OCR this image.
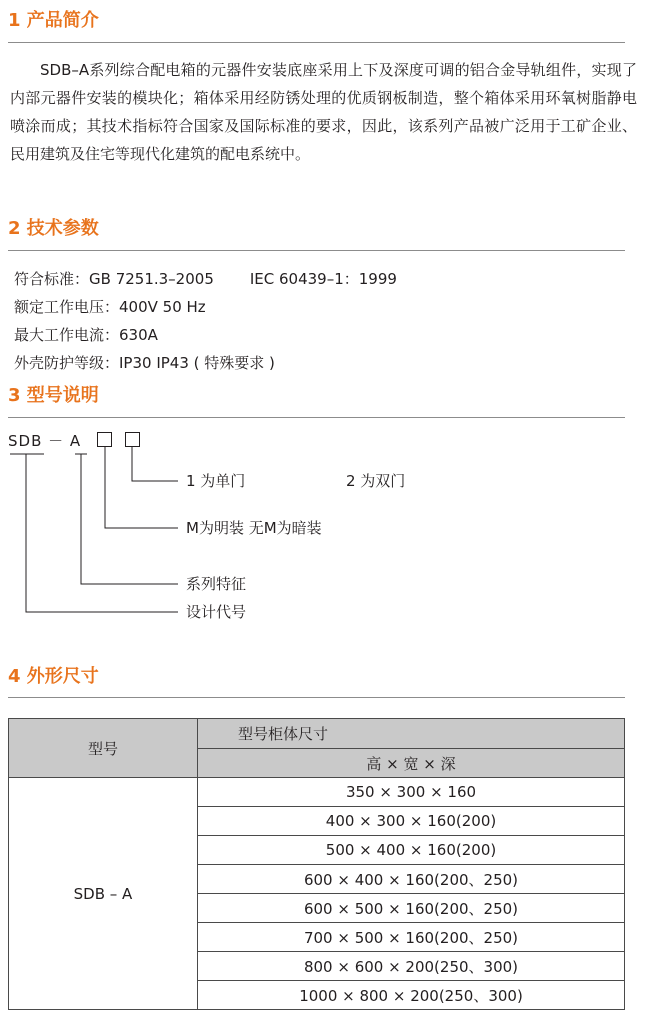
1 产品简介

SDB–A系列综合配电箱的元器件安装底座采用上下及深度可调的铝合金导轨组件，实现了内部元器件安装的模块化；箱体采用经防锈处理的优质钢板制造，整个箱体采用环氧树脂静电喷涂而成；其技术指标符合国家及国际标准的要求，因此，该系列产品被广泛用于工矿企业、民用建筑及住宅等现代化建筑的配电系统中。

2 技术参数
符合标准：GB 7251.3–2005 IEC 60439–1：1999
额定工作电压：400V 50 Hz
最大工作电流：630A
外壳防护等级：IP30 IP43 ( 特殊要求 )
3 型号说明
SDB － A
1 为单门	2 为双门
M为明装 无M为暗装
系列特征
设计代号
4 外形尺寸
型号	型号柜体尺寸
	高 × 宽 × 深
SDB – A	350 × 300 × 160
	400 × 300 × 160(200)
	500 × 400 × 160(200)
	600 × 400 × 160(200、250)
	600 × 500 × 160(200、250)
	700 × 500 × 160(200、250)
	800 × 600 × 200(250、300)
	1000 × 800 × 200(250、300)
